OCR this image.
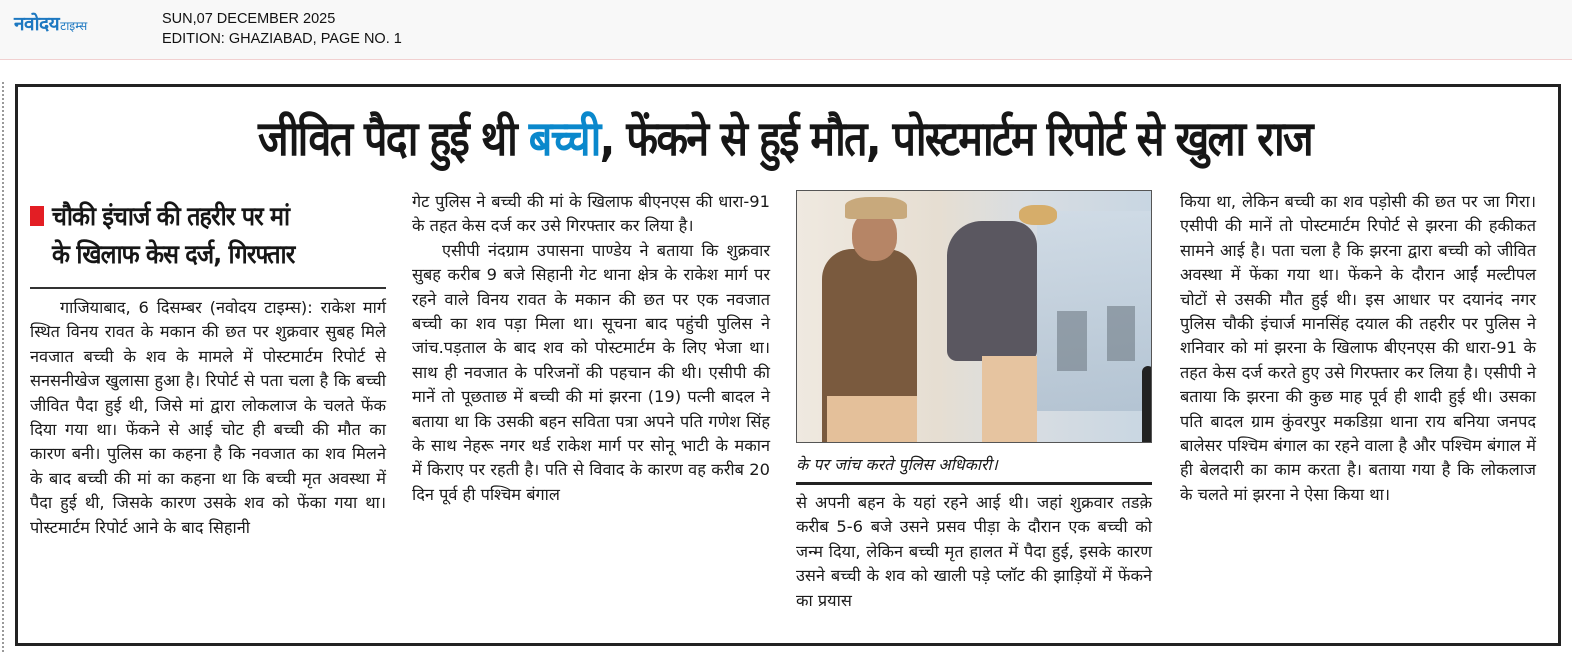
नवोदय टाइम्स	SUN,07 DECEMBER 2025
EDITION: GHAZIABAD, PAGE NO. 1
जीवित पैदा हुई थी बच्ची, फेंकने से हुई मौत, पोस्टमार्टम रिपोर्ट से खुला राज
चौकी इंचार्ज की तहरीर पर मां
के खिलाफ केस दर्ज, गिरफ्तार

गाजियाबाद, 6 दिसम्बर (नवोदय टाइम्स): राकेश मार्ग स्थित विनय रावत के मकान की छत पर शुक्रवार सुबह मिले नवजात बच्ची के शव के मामले में पोस्टमार्टम रिपोर्ट से सनसनीखेज खुलासा हुआ है। रिपोर्ट से पता चला है कि बच्ची जीवित पैदा हुई थी, जिसे मां द्वारा लोकलाज के चलते फेंक दिया गया था। फेंकने से आई चोट ही बच्ची की मौत का कारण बनी। पुलिस का कहना है कि नवजात का शव मिलने के बाद बच्ची की मां का कहना था कि बच्ची मृत अवस्था में पैदा हुई थी, जिसके कारण उसके शव को फेंका गया था। पोस्टमार्टम रिपोर्ट आने के बाद सिहानी

गेट पुलिस ने बच्ची की मां के खिलाफ बीएनएस की धारा-91 के तहत केस दर्ज कर उसे गिरफ्तार कर लिया है।

एसीपी नंदग्राम उपासना पाण्डेय ने बताया कि शुक्रवार सुबह करीब 9 बजे सिहानी गेट थाना क्षेत्र के राकेश मार्ग पर रहने वाले विनय रावत के मकान की छत पर एक नवजात बच्ची का शव पड़ा मिला था। सूचना बाद पहुंची पुलिस ने जांच.पड़ताल के बाद शव को पोस्टमार्टम के लिए भेजा था। साथ ही नवजात के परिजनों की पहचान की थी। एसीपी की मानें तो पूछताछ में बच्ची की मां झरना (19) पत्नी बादल ने बताया था कि उसकी बहन सविता पत्रा अपने पति गणेश सिंह के साथ नेहरू नगर थर्ड राकेश मार्ग पर सोनू भाटी के मकान में किराए पर रहती है। पति से विवाद के कारण वह करीब 20 दिन पूर्व ही पश्चिम बंगाल

के पर जांच करते पुलिस अधिकारी।

से अपनी बहन के यहां रहने आई थी। जहां शुक्रवार तडक़े करीब 5-6 बजे उसने प्रसव पीड़ा के दौरान एक बच्ची को जन्म दिया, लेकिन बच्ची मृत हालत में पैदा हुई, इसके कारण उसने बच्ची के शव को खाली पड़े प्लॉट की झाड़ियों में फेंकने का प्रयास

किया था, लेकिन बच्ची का शव पड़ोसी की छत पर जा गिरा। एसीपी की मानें तो पोस्टमार्टम रिपोर्ट से झरना की हकीकत सामने आई है। पता चला है कि झरना द्वारा बच्ची को जीवित अवस्था में फेंका गया था। फेंकने के दौरान आईं मल्टीपल चोटों से उसकी मौत हुई थी। इस आधार पर दयानंद नगर पुलिस चौकी इंचार्ज मानसिंह दयाल की तहरीर पर पुलिस ने शनिवार को मां झरना के खिलाफ बीएनएस की धारा-91 के तहत केस दर्ज करते हुए उसे गिरफ्तार कर लिया है। एसीपी ने बताया कि झरना की कुछ माह पूर्व ही शादी हुई थी। उसका पति बादल ग्राम कुंवरपुर मकडिय़ा थाना राय बनिया जनपद बालेसर पश्चिम बंगाल का रहने वाला है और पश्चिम बंगाल में ही बेलदारी का काम करता है। बताया गया है कि लोकलाज के चलते मां झरना ने ऐसा किया था।
